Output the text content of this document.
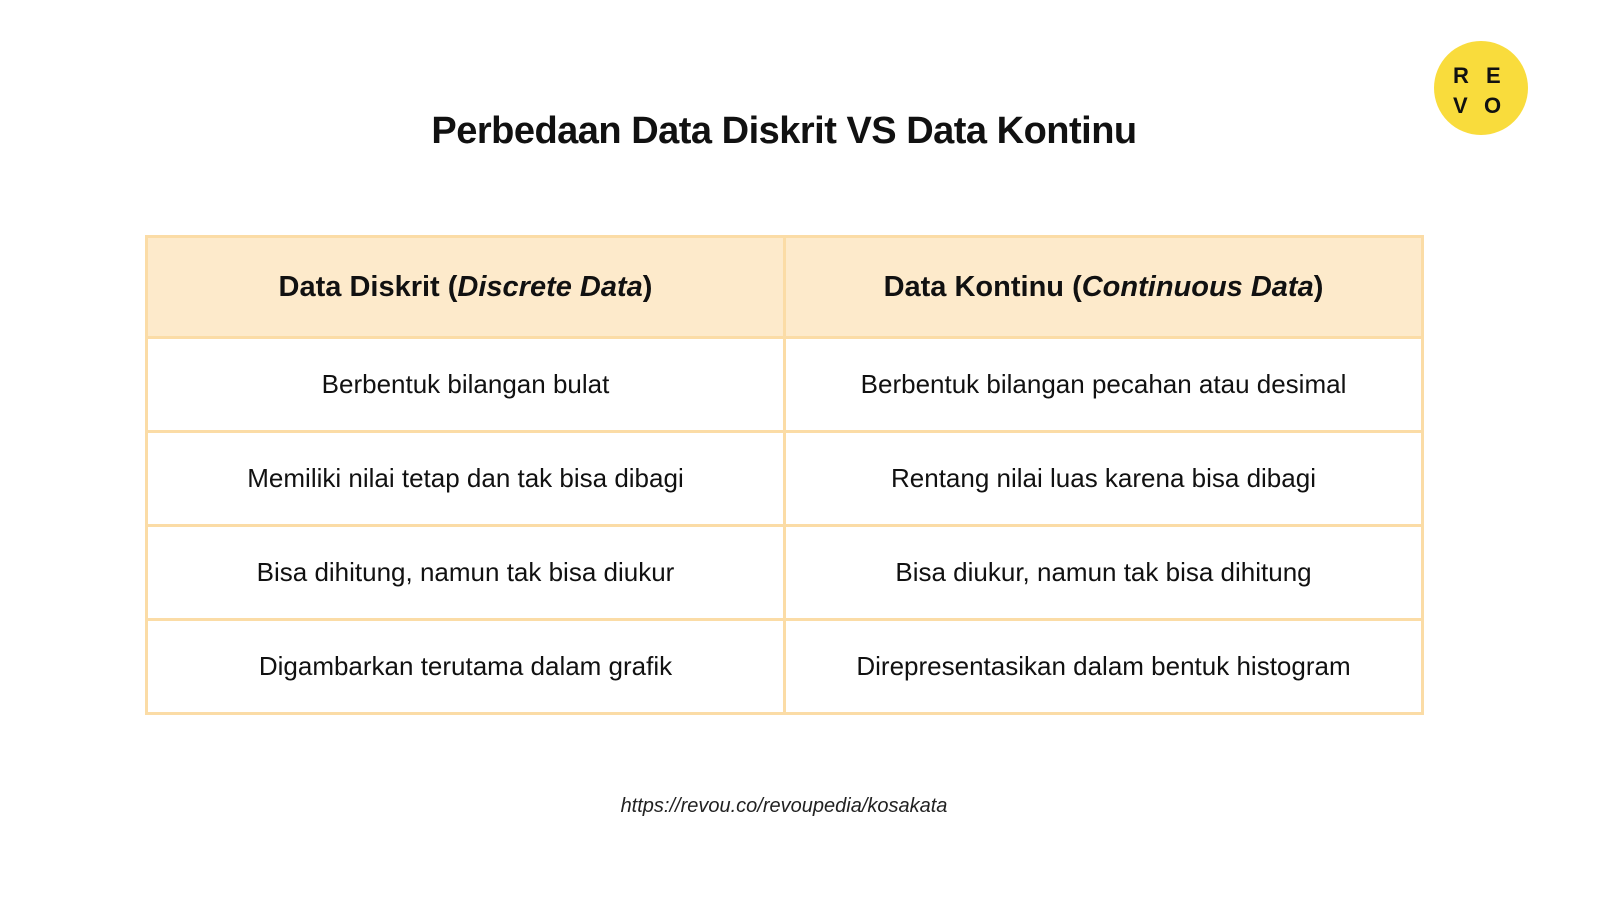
Perbedaan Data Diskrit VS Data Kontinu
R E
V O
Data Diskrit (Discrete Data)	Data Kontinu (Continuous Data)
Berbentuk bilangan bulat	Berbentuk bilangan pecahan atau desimal
Memiliki nilai tetap dan tak bisa dibagi	Rentang nilai luas karena bisa dibagi
Bisa dihitung, namun tak bisa diukur	Bisa diukur, namun tak bisa dihitung
Digambarkan terutama dalam grafik	Direpresentasikan dalam bentuk histogram
https://revou.co/revoupedia/kosakata
